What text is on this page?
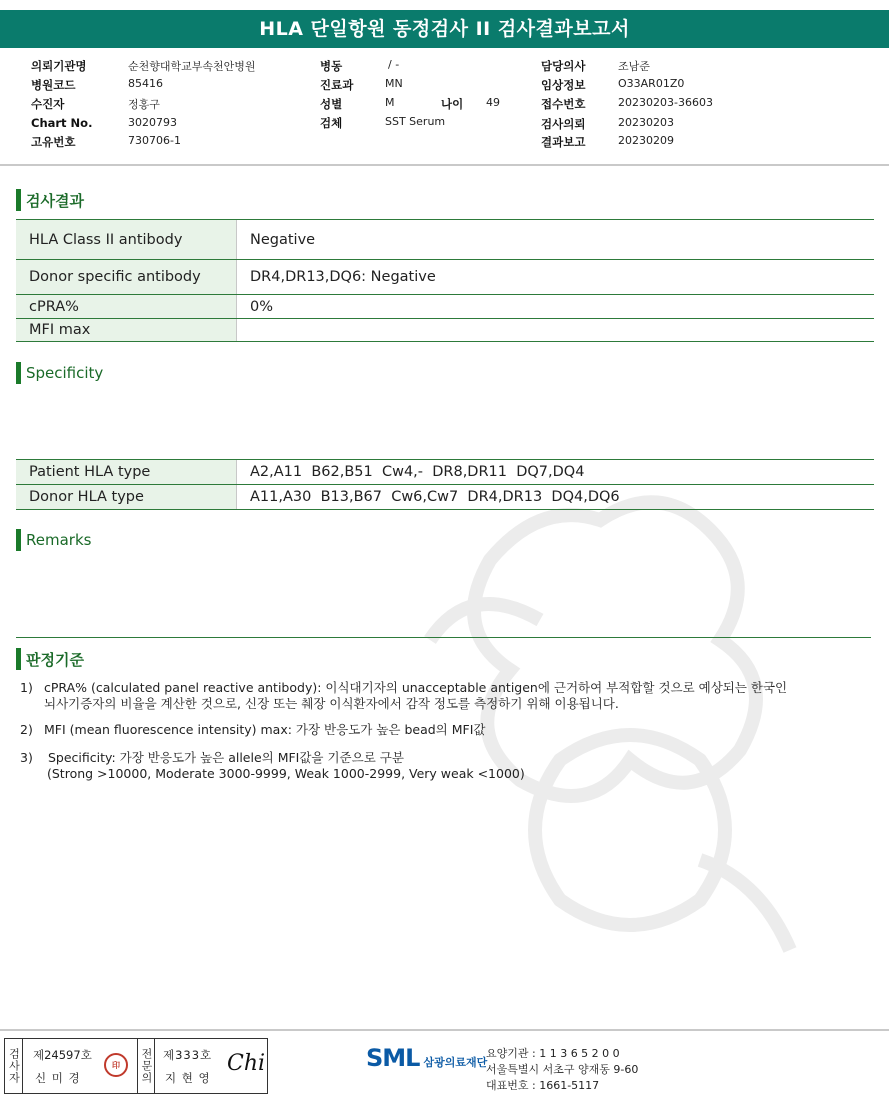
HLA 단일항원 동정검사 II 검사결과보고서
의뢰기관명	순천향대학교부속천안병원
병원코드	85416
수진자	정홍구
Chart No.	3020793
고유번호	730706-1
병동	/ -
진료과	MN
성별	M	나이 49
검체	SST Serum
담당의사	조남준
임상정보	O33AR01Z0
접수번호	20230203-36603
검사의뢰	20230203
결과보고	20230209
검사결과
HLA Class II antibody	Negative
Donor specific antibody	DR4,DR13,DQ6: Negative
cPRA%	0%
MFI max
Specificity
Patient HLA type	A2,A11  B62,B51  Cw4,-  DR8,DR11  DQ7,DQ4
Donor HLA type	A11,A30  B13,B67  Cw6,Cw7  DR4,DR13  DQ4,DQ6
Remarks
판정기준
1) cPRA% (calculated panel reactive antibody): 이식대기자의 unacceptable antigen에 근거하여 부적합할 것으로 예상되는 한국인
뇌사기증자의 비율을 계산한 것으로, 신장 또는 췌장 이식환자에서 감작 정도를 측정하기 위해 이용됩니다.
2) MFI (mean fluorescence intensity) max: 가장 반응도가 높은 bead의 MFI값
3) Specificity: 가장 반응도가 높은 allele의 MFI값을 기준으로 구분
(Strong >10000, Moderate 3000-9999, Weak 1000-2999, Very weak <1000)
검사자 제24597호
신 미 경
印	전문의 제333호
지 현 영
Chi	SML 삼광의료재단
요양기관 : 1 1 3 6 5 2 0 0
서울특별시 서초구 양재동 9-60
대표번호 : 1661-5117
